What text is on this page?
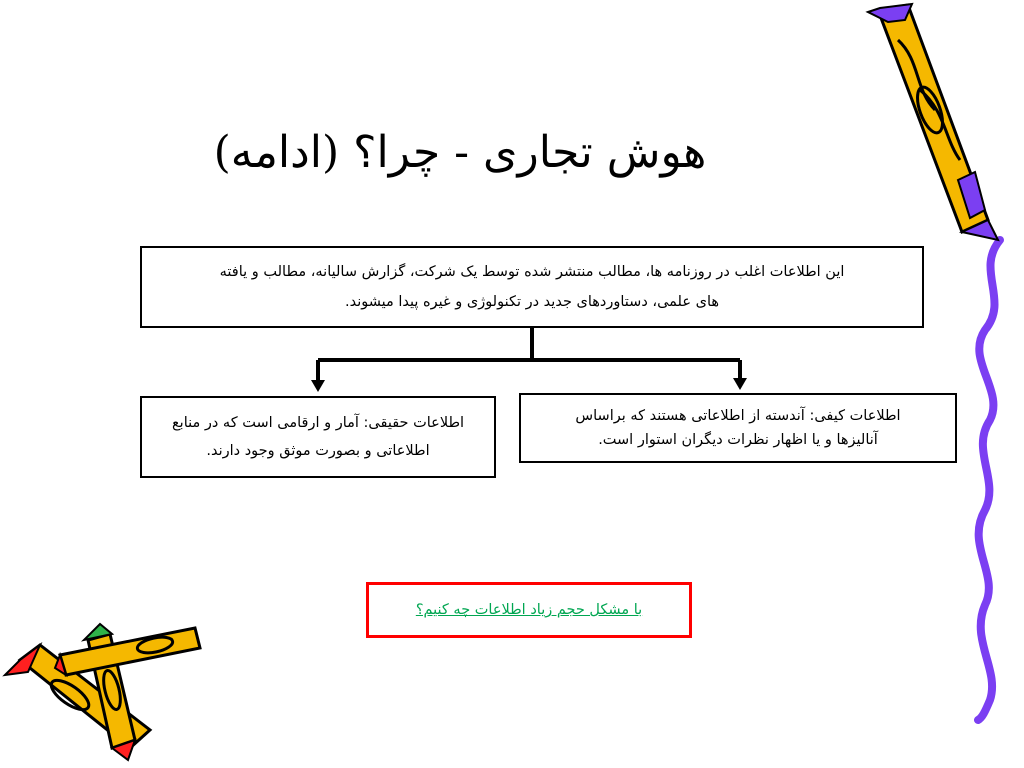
هوش تجاری - چرا؟ (ادامه)
این اطلاعات اغلب در روزنامه ها، مطالب منتشر شده توسط یک شرکت، گزارش سالیانه، مطالب و یافته
های علمی، دستاوردهای جدید در تکنولوژی و غیره پیدا میشوند.
اطلاعات کیفی: آندسته از اطلاعاتی هستند که براساس
آنالیزها و یا اظهار نظرات دیگران استوار است.
اطلاعات حقیقی: آمار و ارقامی است که در منابع
اطلاعاتی و بصورت موثق وجود دارند.
با مشکل حجم زیاد اطلاعات چه کنیم؟
